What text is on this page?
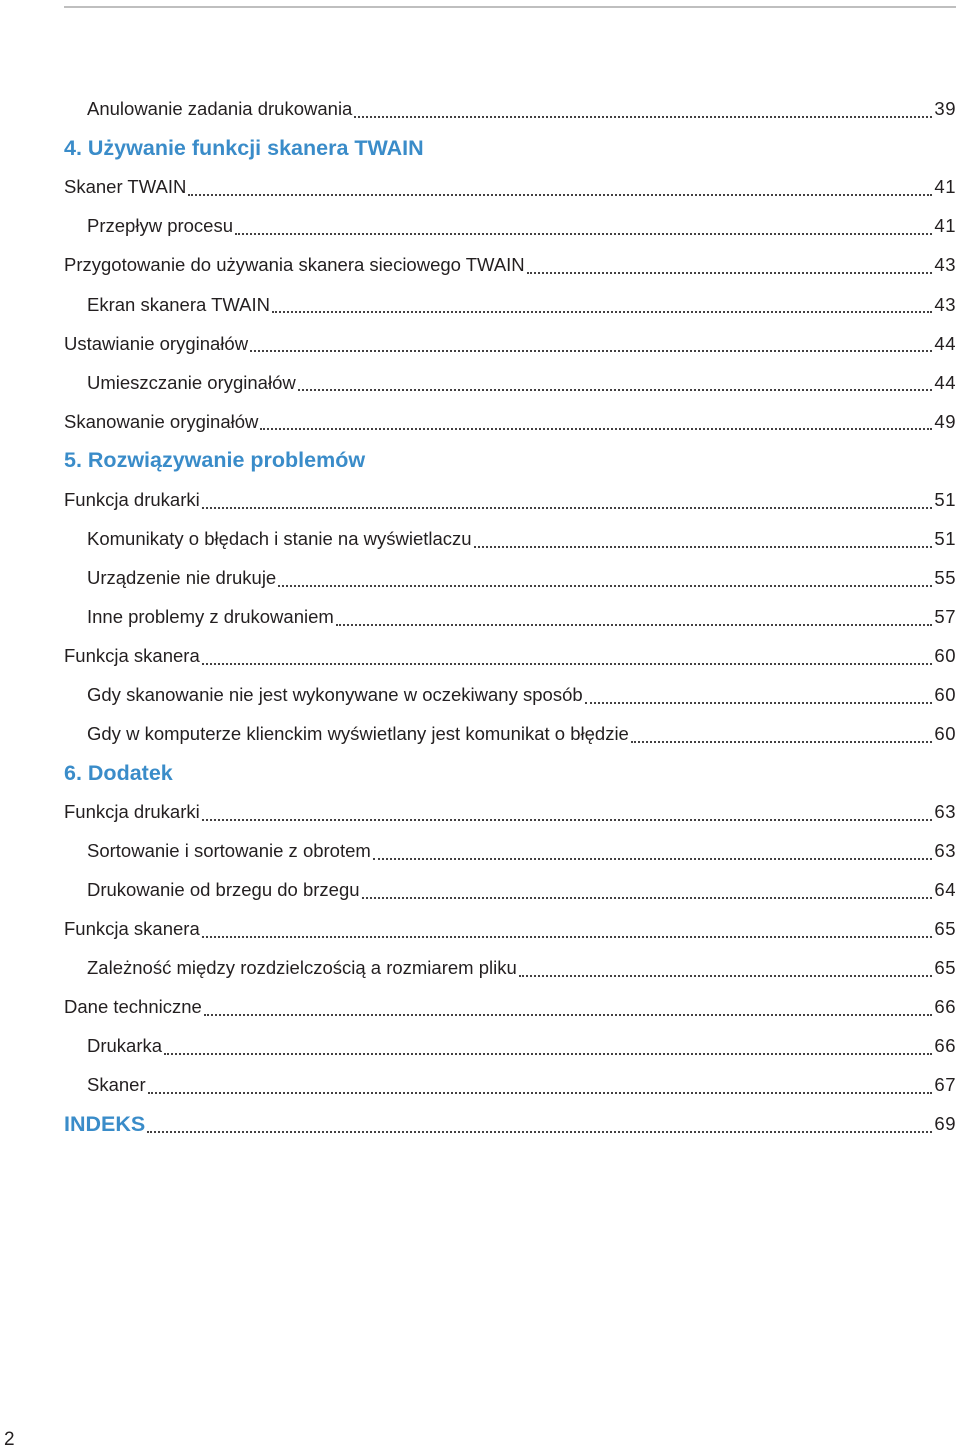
Anulowanie zadania drukowania	39
4. Używanie funkcji skanera TWAIN
Skaner TWAIN	41
Przepływ procesu	41
Przygotowanie do używania skanera sieciowego TWAIN	43
Ekran skanera TWAIN	43
Ustawianie oryginałów	44
Umieszczanie oryginałów	44
Skanowanie oryginałów	49
5. Rozwiązywanie problemów
Funkcja drukarki	51
Komunikaty o błędach i stanie na wyświetlaczu	51
Urządzenie nie drukuje	55
Inne problemy z drukowaniem	57
Funkcja skanera	60
Gdy skanowanie nie jest wykonywane w oczekiwany sposób	60
Gdy w komputerze klienckim wyświetlany jest komunikat o błędzie	60
6. Dodatek
Funkcja drukarki	63
Sortowanie i sortowanie z obrotem	63
Drukowanie od brzegu do brzegu	64
Funkcja skanera	65
Zależność między rozdzielczością a rozmiarem pliku	65
Dane techniczne	66
Drukarka	66
Skaner	67
INDEKS	69
2
